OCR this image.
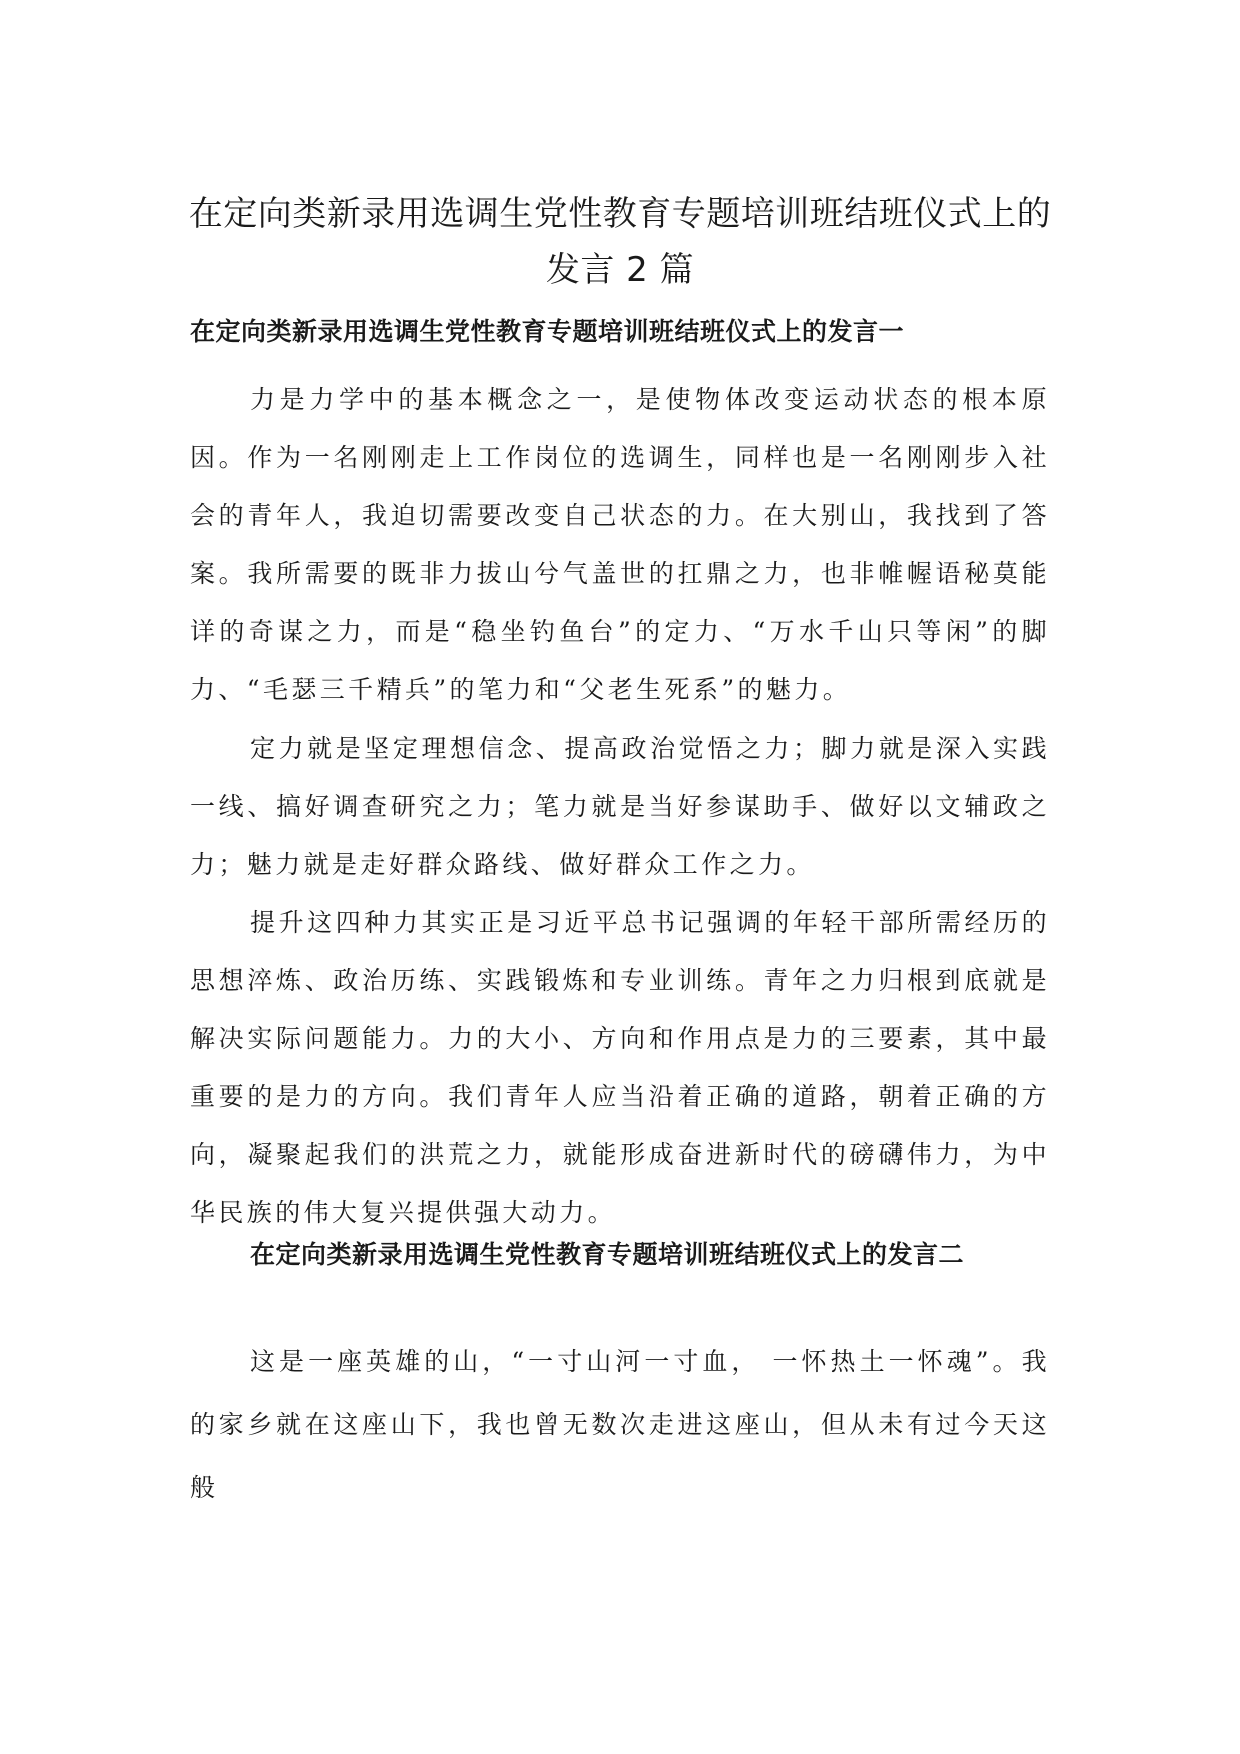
在定向类新录用选调生党性教育专题培训班结班仪式上的发言 2 篇
在定向类新录用选调生党性教育专题培训班结班仪式上的发言一

力是力学中的基本概念之一，是使物体改变运动状态的根本原因。作为一名刚刚走上工作岗位的选调生，同样也是一名刚刚步入社会的青年人，我迫切需要改变自己状态的力。在大别山，我找到了答案。我所需要的既非力拔山兮气盖世的扛鼎之力，也非帷幄语秘莫能详的奇谋之力，而是“稳坐钓鱼台”的定力、“万水千山只等闲”的脚力、“毛瑟三千精兵”的笔力和“父老生死系”的魅力。

定力就是坚定理想信念、提高政治觉悟之力；脚力就是深入实践一线、搞好调查研究之力；笔力就是当好参谋助手、做好以文辅政之力；魅力就是走好群众路线、做好群众工作之力。

提升这四种力其实正是习近平总书记强调的年轻干部所需经历的思想淬炼、政治历练、实践锻炼和专业训练。青年之力归根到底就是解决实际问题能力。力的大小、方向和作用点是力的三要素，其中最重要的是力的方向。我们青年人应当沿着正确的道路，朝着正确的方向，凝聚起我们的洪荒之力，就能形成奋进新时代的磅礴伟力，为中华民族的伟大复兴提供强大动力。

在定向类新录用选调生党性教育专题培训班结班仪式上的发言二

这是一座英雄的山，“一寸山河一寸血， 一怀热土一怀魂”。我的家乡就在这座山下，我也曾无数次走进这座山，但从未有过今天这般
